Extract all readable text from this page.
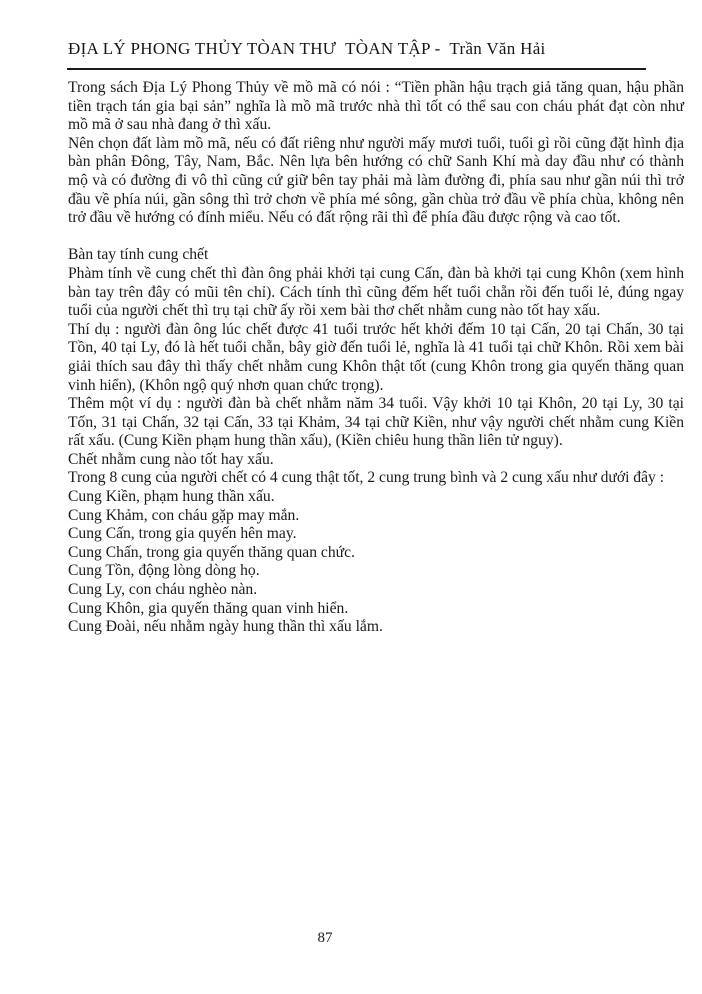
ĐỊA LÝ PHONG THỦY TÒAN THƯ  TÒAN TẬP -  Trần Văn Hải

Trong sách Địa Lý Phong Thủy về mồ mã có nói : “Tiền phần hậu trạch giả tăng quan, hậu phần tiền trạch tán gia bại sản” nghĩa là mồ mã trước nhà thì tốt có thể sau con cháu phát đạt còn như mồ mã ở sau nhà đang ở thì xấu.

Nên chọn đất làm mồ mã, nếu có đất riêng như người mấy mươi tuổi, tuổi gì rồi cũng đặt hình địa bàn phân Đông, Tây, Nam, Bắc. Nên lựa bên hướng có chữ Sanh Khí mà day đầu như có thành mộ và có đường đi vô thì cũng cứ giữ bên tay phải mà làm đường đi, phía sau như gần núi thì trở đầu về phía núi, gần sông thì trở chơn về phía mé sông, gần chùa trở đầu về phía chùa, không nên trở đầu về hướng có đính miểu. Nếu có đất rộng rãi thì để phía đầu được rộng và cao tốt.

Bàn tay tính cung chết

Phàm tính về cung chết thì đàn ông phải khởi tại cung Cấn, đàn bà khởi tại cung Khôn (xem hình bàn tay trên đây có mũi tên chỉ). Cách tính thì cũng đếm hết tuổi chẵn rồi đến tuổi lẻ, đúng ngay tuổi của người chết thì trụ tại chữ ấy rồi xem bài thơ chết nhằm cung nào tốt hay xấu.

Thí dụ : người đàn ông lúc chết được 41 tuổi trước hết khởi đếm 10 tại Cấn, 20 tại Chấn, 30 tại Tồn, 40 tại Ly, đó là hết tuổi chẵn, bây giờ đến tuổi lẻ, nghĩa là 41 tuổi tại chữ Khôn. Rồi xem bài giải thích sau đây thì thấy chết nhằm cung Khôn thật tốt (cung Khôn trong gia quyến thăng quan vinh hiển), (Khôn ngộ quý nhơn quan chức trọng).

Thêm một ví dụ : người đàn bà chết nhằm năm 34 tuổi. Vậy khởi 10 tại Khôn, 20 tại Ly, 30 tại Tốn, 31 tại Chấn, 32 tại Cấn, 33 tại Khảm, 34 tại chữ Kiền, như vậy người chết nhằm cung Kiền rất xấu. (Cung Kiền phạm hung thần xấu), (Kiền chiêu hung thần liên tử nguy).

Chết nhằm cung nào tốt hay xấu.

Trong 8 cung của người chết có 4 cung thật tốt, 2 cung trung bình và 2 cung xấu như dưới đây :

Cung Kiền, phạm hung thần xấu.

Cung Khảm, con cháu gặp may mắn.

Cung Cấn, trong gia quyến hên may.

Cung Chấn, trong gia quyến thăng quan chức.

Cung Tồn, động lòng dòng họ.

Cung Ly, con cháu nghèo nàn.

Cung Khôn, gia quyến thăng quan vinh hiển.

Cung Đoài, nếu nhằm ngày hung thần thì xấu lắm.

87
